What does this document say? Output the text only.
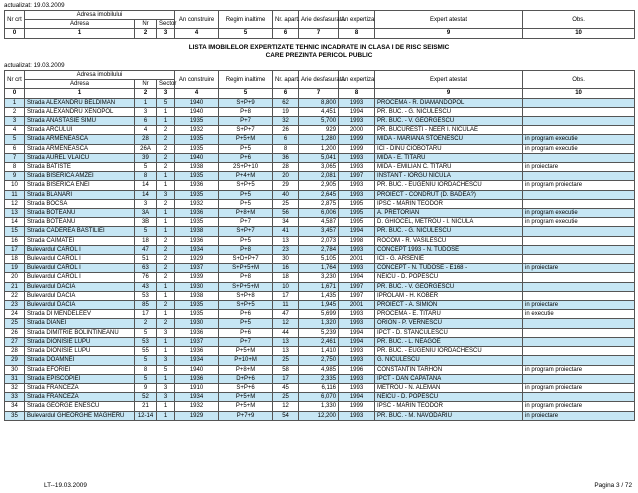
actualizat: 19.03.2009
Nr crt	Adresa imobilului			An construire	Regim inaltime	Nr. apart.	Arie desfasurata	An expertiza	Expert atestat	Obs.
	Adresa	Nr	Sector							
0	1	2	3	4	5	6	7	8	9	10
LISTA IMOBILELOR EXPERTIZATE TEHNIC INCADRATE IN CLASA I DE RISC SEISMIC
CARE PREZINTA PERICOL PUBLIC
actualizat: 19.03.2009
Nr crt	Adresa imobilului			An construire	Regim inaltime	Nr. apart.	Arie desfasurata	An expertiza	Expert atestat	Obs.
	Adresa	Nr	Sector							
0	1	2	3	4	5	6	7	8	9	10
1	Strada ALEXANDRU BELDIMAN	1	5	1940	S+P+9	62	8,800	1993	PROCEMA - R. DIAMANDOPOL	
2	Strada ALEXANDRU XENOPOL	3	1	1940	P+8	19	4,451	1994	PR. BUC. - G. NICULESCU	
3	Strada ANASTASIE SIMU	6	1	1935	P+7	32	5,700	1993	PR. BUC. - V. GEORGESCU	
4	Strada ARCULUI	4	2	1932	S+P+7	26	929	2000	PR. BUCURESTI - NEER I. NICULAE	
5	Strada ARMENEASCA	28	2	1935	P+5+M	6	1,280	1999	MIDA - MARIANA STOENESCU	in program executie
6	Strada ARMENEASCA	26A	2	1935	P+5	8	1,200	1999	ICI - DINU CIOBOTARU	in program executie
7	Strada AUREL VLAICU	39	2	1940	P+6	36	5,041	1993	MIDA - E. TITARU	
8	Strada BATISTE	5	2	1938	2S+P+10	28	3,065	1993	MIDA - EMILIAN C. TITARU	in proiectare
9	Strada BISERICA AMZEI	8	1	1935	P+4+M	20	2,081	1997	INSTANT - IORGU NICULA	
10	Strada BISERICA ENEI	14	1	1936	S+P+5	29	2,905	1993	PR. BUC. - EUGENIU IORDACHESCU	in program proiectare
11	Strada BLANARI	14	3	1935	P+5	40	2,645	1993	PROIECT - CONDRUT (D. BADEA?)	
12	Strada BOCSA	3	2	1932	P+5	25	2,875	1995	IPSC - MARIN TEODOR	
13	Strada BOTEANU	3A	1	1936	P+8+M	56	6,006	1995	A. PRETORIAN	in program executie
14	Strada BOTEANU	3B	1	1935	P+7	34	4,587	1995	D. GHIOCEL, METROU - I. NICULA	in program executie
15	Strada CADEREA BASTILIEI	5	1	1938	S+P+7	41	3,457	1994	PR. BUC. - G. NICULESCU	
16	Strada CAIMATEI	18	2	1936	P+5	13	2,073	1998	ROCOM - R. VASILESCU	
17	Bulevardul CAROL I	47	2	1934	P+8	23	2,784	1993	CONCEPT 1993 - N. TUDOSE	
18	Bulevardul CAROL I	51	2	1929	S+D+P+7	30	5,105	2001	ICI - G. ARSENIE	
19	Bulevardul CAROL I	63	2	1937	S+P+5+M	16	1,764	1993	CONCEPT - N. TUDOSE - E168 -	in proiectare
20	Bulevardul CAROL I	76	2	1939	P+8	18	3,230	1994	NEICU - D. POPESCU	
21	Bulevardul DACIA	43	1	1930	S+P+5+M	10	1,671	1997	PR. BUC. - V. GEORGESCU	
22	Bulevardul DACIA	53	1	1938	S+P+8	17	1,435	1997	IPROLAM - H. KOBER	
23	Bulevardul DACIA	85	2	1935	S+P+5	11	1,945	2001	PROIECT - A. SIMION	in proiectare
24	Strada DI MENDELEEV	17	1	1935	P+6	47	5,699	1993	PROCEMA - E. TITARU	in executie
25	Strada DIANEI	2	2	1930	P+5	12	1,320	1993	ORION - P. VERNESCU	
26	Strada DIMITRIE BOLINTINEANU	5	3	1936	P+6	44	5,239	1994	IPCT - D. STANCULESCU	
27	Strada DIONISIE LUPU	53	1	1937	P+7	13	2,461	1994	PR. BUC. - L. NEAGOE	
28	Strada DIONISIE LUPU	55	1	1936	P+5+M	13	1,410	1993	PR. BUC. - EUGENIU IORDACHESCU	
29	Strada DOAMNEI	5	3	1934	P+10+M	25	2,750	1993	G. NICULESCU	
30	Strada EFORIEI	8	5	1940	P+8+M	58	4,985	1996	CONSTANTIN TARHON	in program proiectare
31	Strada EPISCOPIEI	5	1	1936	D+P+6	17	2,335	1993	IPCT - DAN CAPATANA	
32	Strada FRANCEZA	9	3	1910	S+P+6	45	6,116	1993	METROU - N. ALEMAN	in program proiectare
33	Strada FRANCEZA	52	3	1934	P+5+M	25	6,070	1994	NEICU - D. POPESCU	
34	Strada GEORGE ENESCU	21	1	1932	P+5+M	12	1,330	1999	IPSC - MARIN TEODOR	in program proiectare
35	Bulevardul GHEORGHE MAGHERU	12-14	1	1929	P+7+9	54	12,200	1993	PR. BUC. - M. NAVODARIU	in proiectare
LT--19.03.2009	Pagina 3 / 72
